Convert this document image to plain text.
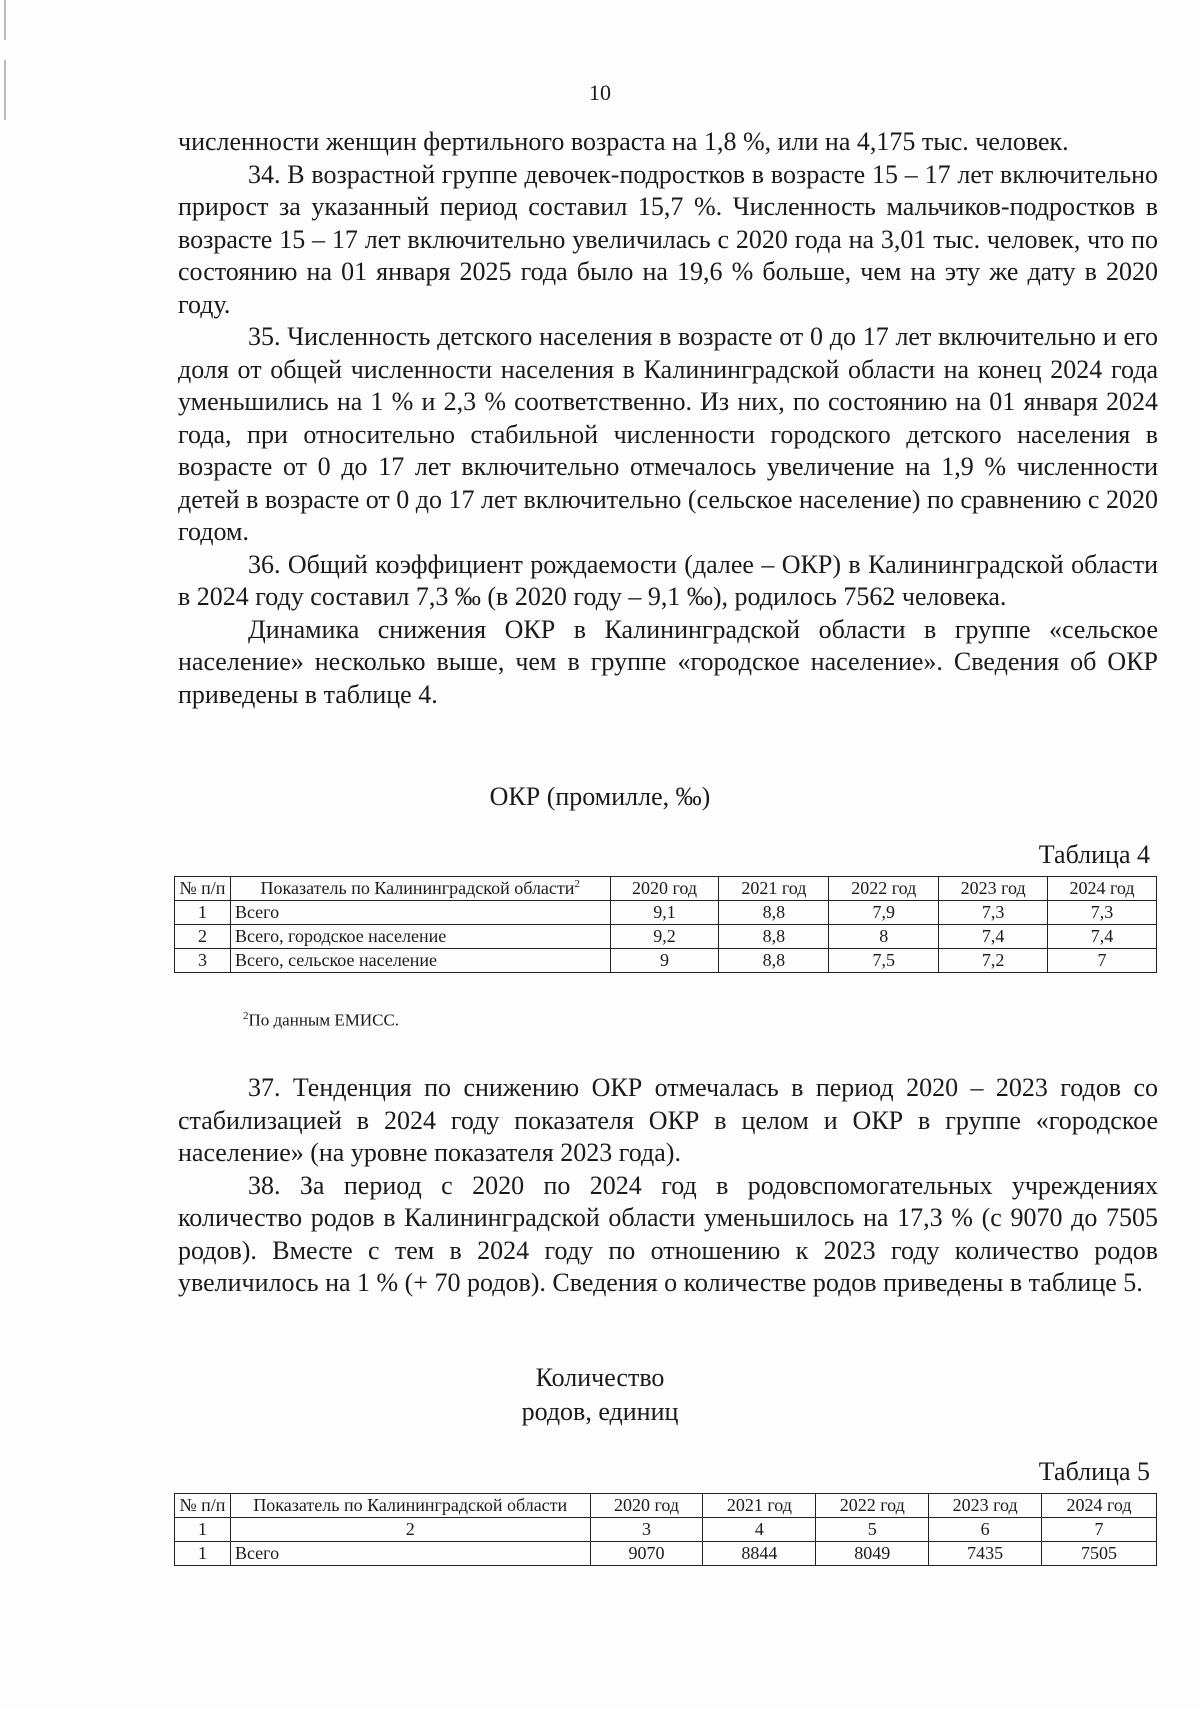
10

численности женщин фертильного возраста на 1,8 %, или на 4,175 тыс. человек.

34. В возрастной группе девочек-подростков в возрасте 15 – 17 лет включительно прирост за указанный период составил 15,7 %. Численность мальчиков-подростков в возрасте 15 – 17 лет включительно увеличилась с 2020 года на 3,01 тыс. человек, что по состоянию на 01 января 2025 года было на 19,6 % больше, чем на эту же дату в 2020 году.

35. Численность детского населения в возрасте от 0 до 17 лет включительно и его доля от общей численности населения в Калининградской области на конец 2024 года уменьшились на 1 % и 2,3 % соответственно. Из них, по состоянию на 01 января 2024 года, при относительно стабильной численности городского детского населения в возрасте от 0 до 17 лет включительно отмечалось увеличение на 1,9 % численности детей в возрасте от 0 до 17 лет включительно (сельское население) по сравнению с 2020 годом.

36. Общий коэффициент рождаемости (далее – ОКР) в Калининградской области в 2024 году составил 7,3 ‰ (в 2020 году – 9,1 ‰), родилось 7562 человека.

Динамика снижения ОКР в Калининградской области в группе «сельское население» несколько выше, чем в группе «городское население». Сведения об ОКР приведены в таблице 4.

ОКР (промилле, ‰)
Таблица 4
№ п/п	Показатель по Калининградской области$^2$	2020 год	2021 год	2022 год	2023 год	2024 год
1	Всего	9,1	8,8	7,9	7,3	7,3
2	Всего, городское население	9,2	8,8	8	7,4	7,4
3	Всего, сельское население	9	8,8	7,5	7,2	7
$^2$По данным ЕМИСС.

37. Тенденция по снижению ОКР отмечалась в период 2020 – 2023 годов со стабилизацией в 2024 году показателя ОКР в целом и ОКР в группе «городское население» (на уровне показателя 2023 года).

38. За период с 2020 по 2024 год в родовспомогательных учреждениях количество родов в Калининградской области уменьшилось на 17,3 % (с 9070 до 7505 родов). Вместе с тем в 2024 году по отношению к 2023 году количество родов увеличилось на 1 % (+ 70 родов). Сведения о количестве родов приведены в таблице 5.

Количество
родов, единиц
Таблица 5
№ п/п	Показатель по Калининградской области	2020 год	2021 год	2022 год	2023 год	2024 год
1	2	3	4	5	6	7
1	Всего	9070	8844	8049	7435	7505
